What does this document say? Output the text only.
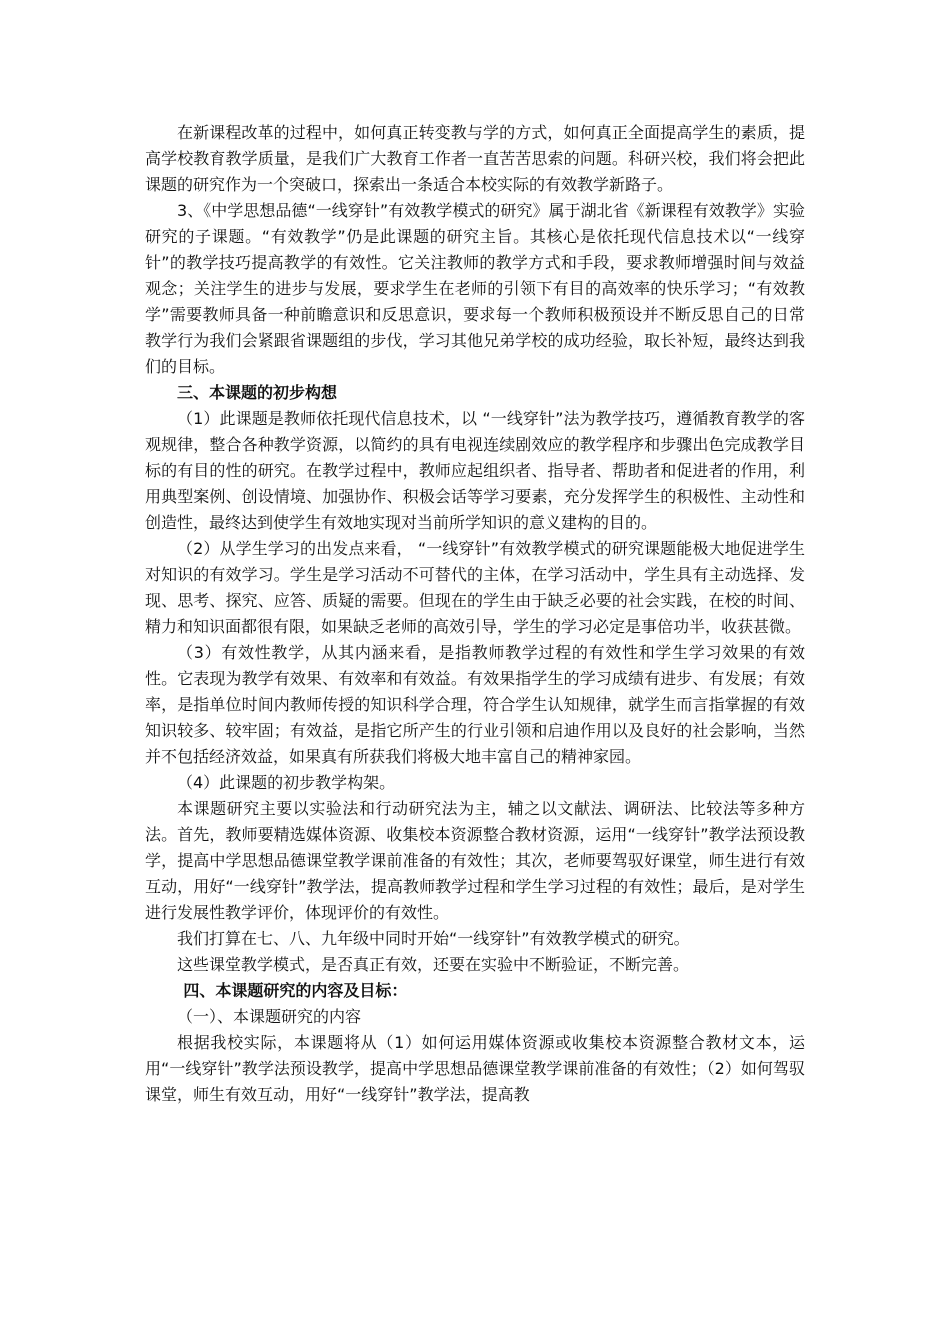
在新课程改革的过程中，如何真正转变教与学的方式，如何真正全面提高学生的素质，提高学校教育教学质量，是我们广大教育工作者一直苦苦思索的问题。科研兴校，我们将会把此课题的研究作为一个突破口，探索出一条适合本校实际的有效教学新路子。

3、《中学思想品德“一线穿针”有效教学模式的研究》属于湖北省《新课程有效教学》实验研究的子课题。“有效教学”仍是此课题的研究主旨。其核心是依托现代信息技术以“一线穿针”的教学技巧提高教学的有效性。它关注教师的教学方式和手段，要求教师增强时间与效益观念；关注学生的进步与发展，要求学生在老师的引领下有目的高效率的快乐学习；“有效教学”需要教师具备一种前瞻意识和反思意识，要求每一个教师积极预设并不断反思自己的日常教学行为我们会紧跟省课题组的步伐，学习其他兄弟学校的成功经验，取长补短，最终达到我们的目标。

三、本课题的初步构想

（1）此课题是教师依托现代信息技术，以 “一线穿针”法为教学技巧，遵循教育教学的客观规律，整合各种教学资源，以简约的具有电视连续剧效应的教学程序和步骤出色完成教学目标的有目的性的研究。在教学过程中，教师应起组织者、指导者、帮助者和促进者的作用，利用典型案例、创设情境、加强协作、积极会话等学习要素，充分发挥学生的积极性、主动性和创造性，最终达到使学生有效地实现对当前所学知识的意义建构的目的。

（2）从学生学习的出发点来看， “一线穿针”有效教学模式的研究课题能极大地促进学生对知识的有效学习。学生是学习活动不可替代的主体，在学习活动中，学生具有主动选择、发现、思考、探究、应答、质疑的需要。但现在的学生由于缺乏必要的社会实践，在校的时间、精力和知识面都很有限，如果缺乏老师的高效引导，学生的学习必定是事倍功半，收获甚微。

（3）有效性教学，从其内涵来看，是指教师教学过程的有效性和学生学习效果的有效性。它表现为教学有效果、有效率和有效益。有效果指学生的学习成绩有进步、有发展；有效率，是指单位时间内教师传授的知识科学合理，符合学生认知规律，就学生而言指掌握的有效知识较多、较牢固；有效益，是指它所产生的行业引领和启迪作用以及良好的社会影响，当然并不包括经济效益，如果真有所获我们将极大地丰富自己的精神家园。

（4）此课题的初步教学构架。

本课题研究主要以实验法和行动研究法为主，辅之以文献法、调研法、比较法等多种方法。首先，教师要精选媒体资源、收集校本资源整合教材资源，运用“一线穿针”教学法预设教学，提高中学思想品德课堂教学课前准备的有效性；其次，老师要驾驭好课堂，师生进行有效互动，用好“一线穿针”教学法，提高教师教学过程和学生学习过程的有效性；最后，是对学生进行发展性教学评价，体现评价的有效性。

我们打算在七、八、九年级中同时开始“一线穿针”有效教学模式的研究。

这些课堂教学模式，是否真正有效，还要在实验中不断验证，不断完善。

四、本课题研究的内容及目标：

（一）、本课题研究的内容

根据我校实际，本课题将从（1）如何运用媒体资源或收集校本资源整合教材文本，运用“一线穿针”教学法预设教学，提高中学思想品德课堂教学课前准备的有效性；（2）如何驾驭课堂，师生有效互动，用好“一线穿针”教学法，提高教
